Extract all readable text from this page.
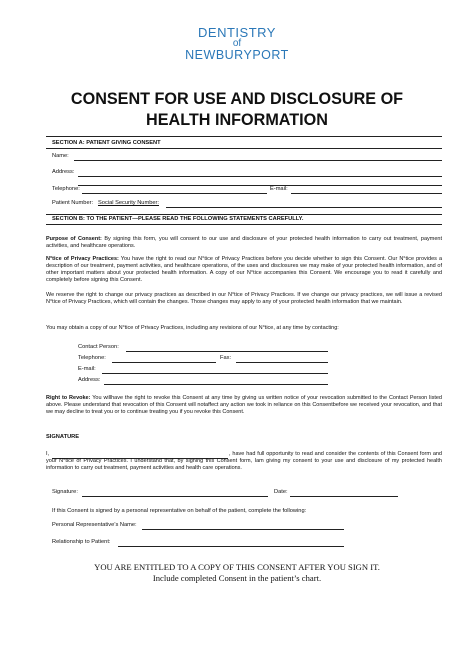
DENTISTRY
of
NEWBURYPORT
CONSENT FOR USE AND DISCLOSURE OF
HEALTH INFORMATION
SECTION A: PATIENT GIVING CONSENT
Name:
Address:
Telephone:	E-mail:
Patient Number: Social Security Number:
SECTION B: TO THE PATIENT—PLEASE READ THE FOLLOWING STATEMENTS CAREFULLY.
Purpose of Consent: By signing this form, you will consent to our use and disclosure of your protected health information to carry out treatment, payment activities, and healthcare operations.
N°tice of Privacy Practices: You have the right to read our N°tice of Privacy Practices before you decide whether to sign this Consent. Our N°tice provides a description of our treatment, payment activities, and healthcare operations, of the uses and disclosures we may make of your protected health information, and of other important matters about your protected health information. A copy of our N°tice accompanies this Consent. We encourage you to read it carefully and completely before signing this Consent.
We reserve the right to change our privacy practices as described in our N°tice of Privacy Practices. If we change our privacy practices, we will issue a revised N°tice of Privacy Practices, which will contain the changes. Those changes may apply to any of your protected health information that we maintain.
You may obtain a copy of our N°tice of Privacy Practices, including any revisions of our N°tice, at any time by contacting:
Contact Person:
Telephone:	Fax:
E-mail:
Address:
Right to Revoke: You willhave the right to revoke this Consent at any time by giving us written notice of your revocation submitted to the Contact Person listed above. Please understand that revocation of this Consent will notaffect any action we took in reliance on this Consentbefore we received your revocation, and that we may decline to treat you or to continue treating you if you revoke this Consent.
SIGNATURE
I,	, have had full opportunity to read and consider the contents of this Consent form and your N°tice of Privacy Practices. I understand that, by signing this Consent form, Iam giving my consent to your use and disclosure of my protected health information to carry out treatment, payment activities and health care operations.
Signature:	Date:
If this Consent is signed by a personal representative on behalf of the patient, complete the following:
Personal Representative’s Name:
Relationship to Patient:
YOU ARE ENTITLED TO A COPY OF THIS CONSENT AFTER YOU SIGN IT.
Include completed Consent in the patient’s chart.
